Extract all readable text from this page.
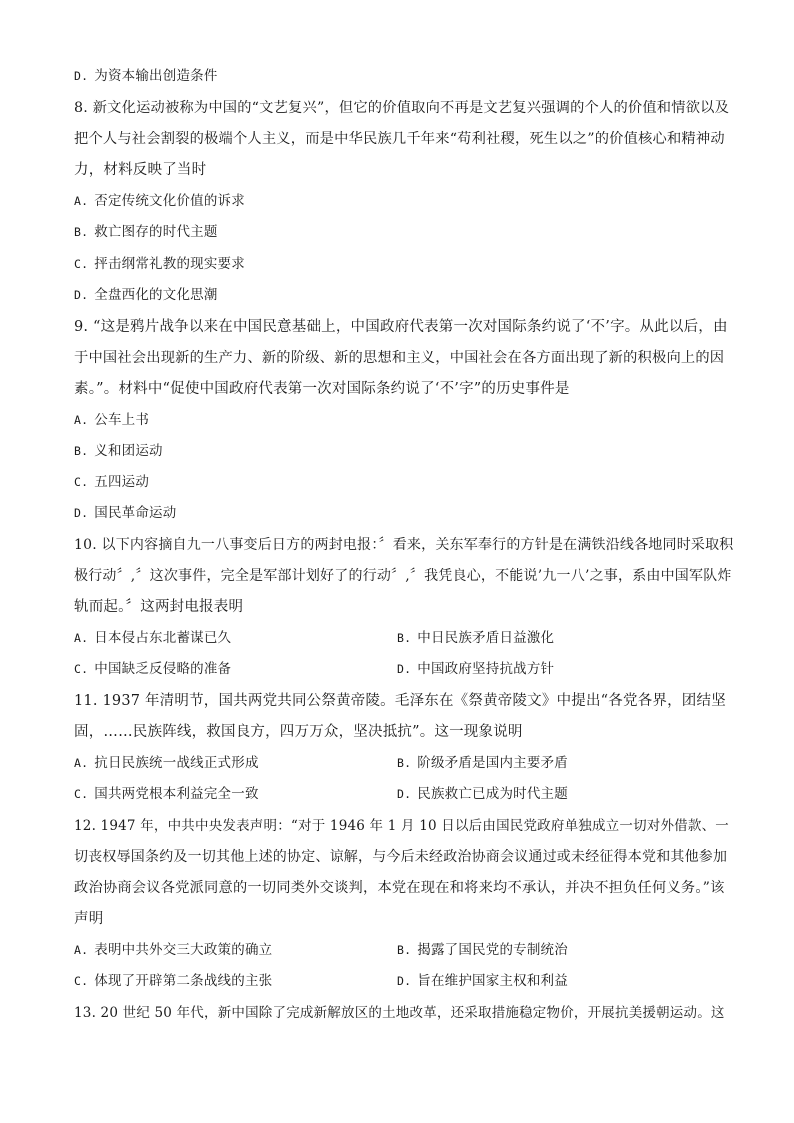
D. 为资本输出创造条件
8. 新文化运动被称为中国的“文艺复兴”，但它的价值取向不再是文艺复兴强调的个人的价值和情欲以及
把个人与社会割裂的极端个人主义，而是中华民族几千年来“苟利社稷，死生以之”的价值核心和精神动
力，材料反映了当时
A. 否定传统文化价值的诉求
B. 救亡图存的时代主题
C. 抨击纲常礼教的现实要求
D. 全盘西化的文化思潮
9. “这是鸦片战争以来在中国民意基础上，中国政府代表第一次对国际条约说了‘不’字。从此以后，由
于中国社会出现新的生产力、新的阶级、新的思想和主义，中国社会在各方面出现了新的积极向上的因
素。”。材料中“促使中国政府代表第一次对国际条约说了‘不’字”的历史事件是
A. 公车上书
B. 义和团运动
C. 五四运动
D. 国民革命运动
10. 以下内容摘自九一八事变后日方的两封电报：〞看来，关东军奉行的方针是在满铁沿线各地同时采取积
极行动〞,〞这次事件，完全是军部计划好了的行动〞,〞我凭良心，不能说’九一八’之事，系由中国军队炸
轨而起。〞这两封电报表明
A. 日本侵占东北蓄谋已久	B. 中日民族矛盾日益激化
C. 中国缺乏反侵略的准备	D. 中国政府坚持抗战方针
11. 1937 年清明节，国共两党共同公祭黄帝陵。毛泽东在《祭黄帝陵文》中提出“各党各界，团结坚
固，……民族阵线，救国良方，四万万众，坚决抵抗”。这一现象说明
A. 抗日民族统一战线正式形成	B. 阶级矛盾是国内主要矛盾
C. 国共两党根本利益完全一致	D. 民族救亡已成为时代主题
12. 1947 年，中共中央发表声明：“对于 1946 年 1 月 10 日以后由国民党政府单独成立一切对外借款、一
切丧权辱国条约及一切其他上述的协定、谅解，与今后未经政治协商会议通过或未经征得本党和其他参加
政治协商会议各党派同意的一切同类外交谈判，本党在现在和将来均不承认，并决不担负任何义务。”该
声明
A. 表明中共外交三大政策的确立	B. 揭露了国民党的专制统治
C. 体现了开辟第二条战线的主张	D. 旨在维护国家主权和利益
13. 20 世纪 50 年代，新中国除了完成新解放区的土地改革，还采取措施稳定物价，开展抗美援朝运动。这
